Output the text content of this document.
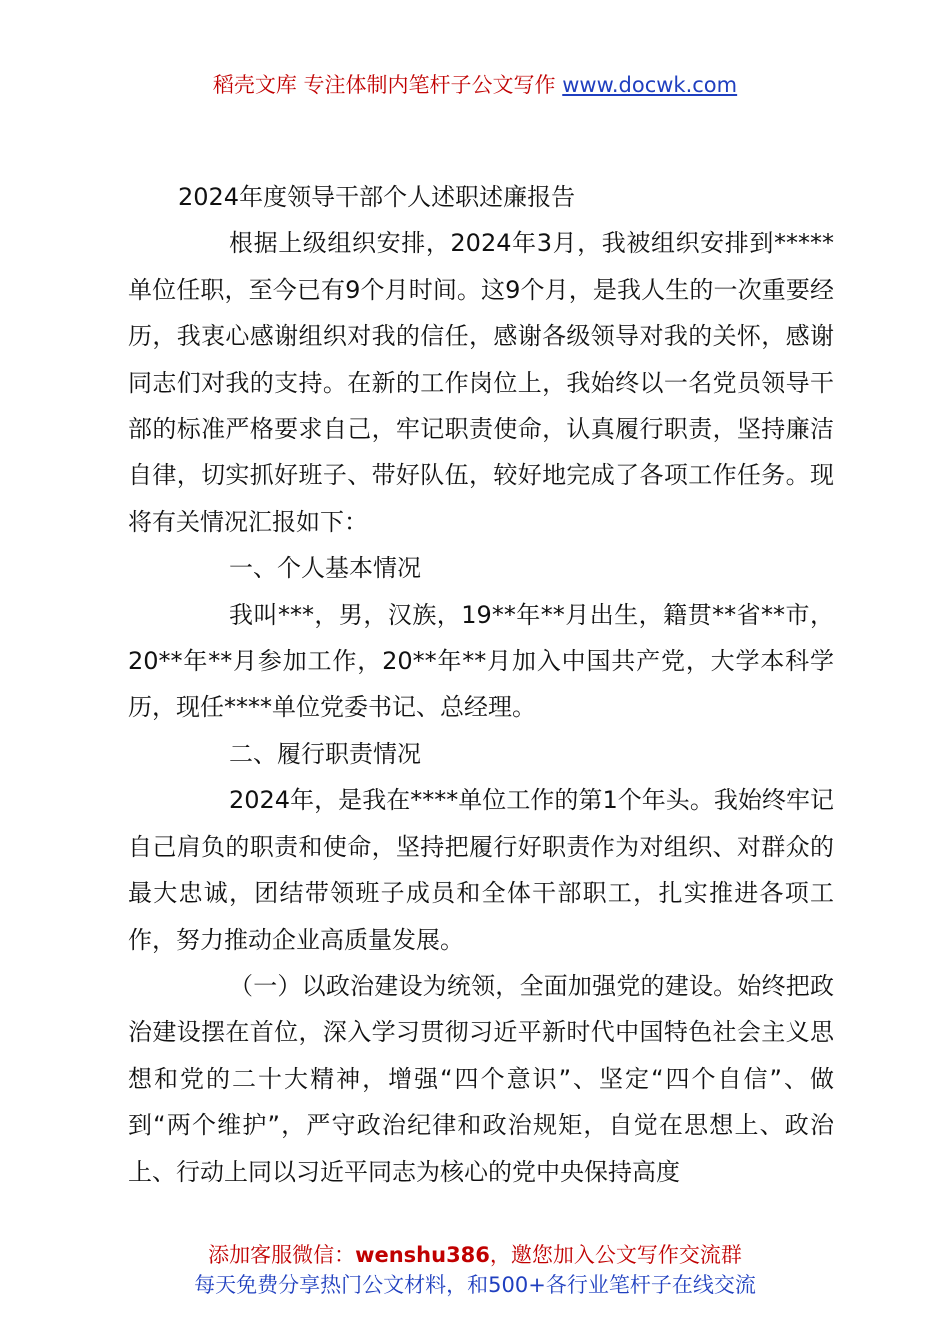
稻壳文库 专注体制内笔杆子公文写作 www.docwk.com

2024年度领导干部个人述职述廉报告

根据上级组织安排，2024年3月，我被组织安排到*****单位任职，至今已有9个月时间。这9个月，是我人生的一次重要经历，我衷心感谢组织对我的信任，感谢各级领导对我的关怀，感谢同志们对我的支持。在新的工作岗位上，我始终以一名党员领导干部的标准严格要求自己，牢记职责使命，认真履行职责，坚持廉洁自律，切实抓好班子、带好队伍，较好地完成了各项工作任务。现将有关情况汇报如下：

一、个人基本情况

我叫***，男，汉族，19**年**月出生，籍贯**省**市，20**年**月参加工作，20**年**月加入中国共产党，大学本科学历，现任****单位党委书记、总经理。

二、履行职责情况

2024年，是我在****单位工作的第1个年头。我始终牢记自己肩负的职责和使命，坚持把履行好职责作为对组织、对群众的最大忠诚，团结带领班子成员和全体干部职工，扎实推进各项工作，努力推动企业高质量发展。

（一）以政治建设为统领，全面加强党的建设。始终把政治建设摆在首位，深入学习贯彻习近平新时代中国特色社会主义思想和党的二十大精神，增强“四个意识”、坚定“四个自信”、做到“两个维护”，严守政治纪律和政治规矩，自觉在思想上、政治上、行动上同以习近平同志为核心的党中央保持高度

添加客服微信：wenshu386，邀您加入公文写作交流群
每天免费分享热门公文材料，和500+各行业笔杆子在线交流
